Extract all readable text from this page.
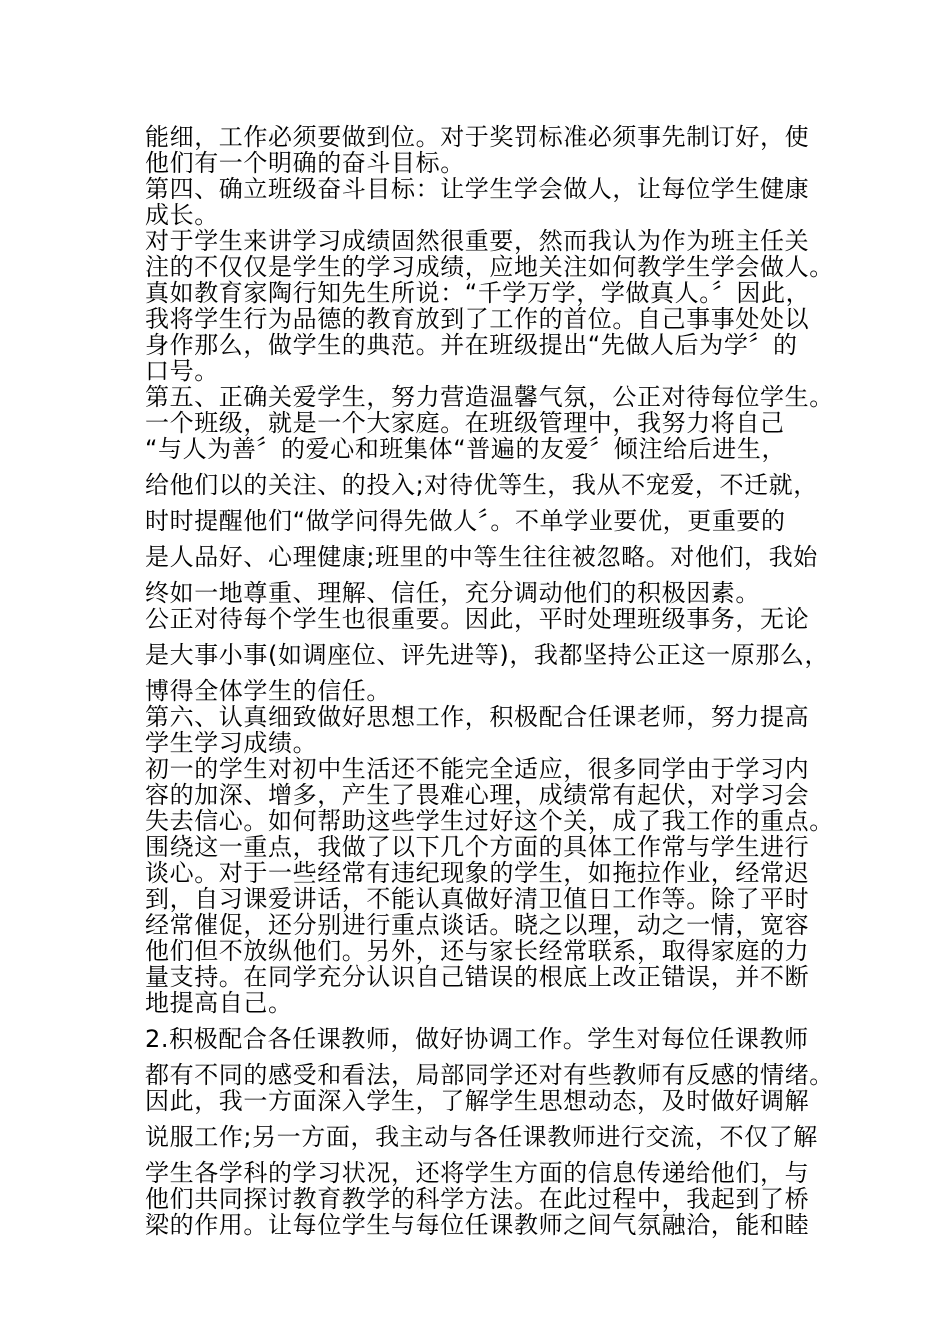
能细，工作必须要做到位。对于奖罚标准必须事先制订好，使
他们有一个明确的奋斗目标。
第四、确立班级奋斗目标：让学生学会做人，让每位学生健康
成长。
对于学生来讲学习成绩固然很重要，然而我认为作为班主任关
注的不仅仅是学生的学习成绩，应地关注如何教学生学会做人。
真如教育家陶行知先生所说：“千学万学，学做真人。〞因此，
我将学生行为品德的教育放到了工作的首位。自己事事处处以
身作那么，做学生的典范。并在班级提出“先做人后为学〞的
口号。
第五、正确关爱学生，努力营造温馨气氛，公正对待每位学生。
一个班级，就是一个大家庭。在班级管理中，我努力将自己
“与人为善〞的爱心和班集体“普遍的友爱〞倾注给后进生，
给他们以的关注、的投入;对待优等生，我从不宠爱，不迁就，
时时提醒他们“做学问得先做人〞。不单学业要优，更重要的
是人品好、心理健康;班里的中等生往往被忽略。对他们，我始
终如一地尊重、理解、信任，充分调动他们的积极因素。
公正对待每个学生也很重要。因此，平时处理班级事务，无论
是大事小事(如调座位、评先进等)，我都坚持公正这一原那么，
博得全体学生的信任。
第六、认真细致做好思想工作，积极配合任课老师，努力提高
学生学习成绩。
初一的学生对初中生活还不能完全适应，很多同学由于学习内
容的加深、增多，产生了畏难心理，成绩常有起伏，对学习会
失去信心。如何帮助这些学生过好这个关，成了我工作的重点。
围绕这一重点，我做了以下几个方面的具体工作常与学生进行
谈心。对于一些经常有违纪现象的学生，如拖拉作业，经常迟
到，自习课爱讲话，不能认真做好清卫值日工作等。除了平时
经常催促，还分别进行重点谈话。晓之以理，动之一情，宽容
他们但不放纵他们。另外，还与家长经常联系，取得家庭的力
量支持。在同学充分认识自己错误的根底上改正错误，并不断
地提高自己。
2.积极配合各任课教师，做好协调工作。学生对每位任课教师
都有不同的感受和看法，局部同学还对有些教师有反感的情绪。
因此，我一方面深入学生，了解学生思想动态，及时做好调解
说服工作;另一方面，我主动与各任课教师进行交流，不仅了解
学生各学科的学习状况，还将学生方面的信息传递给他们，与
他们共同探讨教育教学的科学方法。在此过程中，我起到了桥
梁的作用。让每位学生与每位任课教师之间气氛融洽，能和睦
